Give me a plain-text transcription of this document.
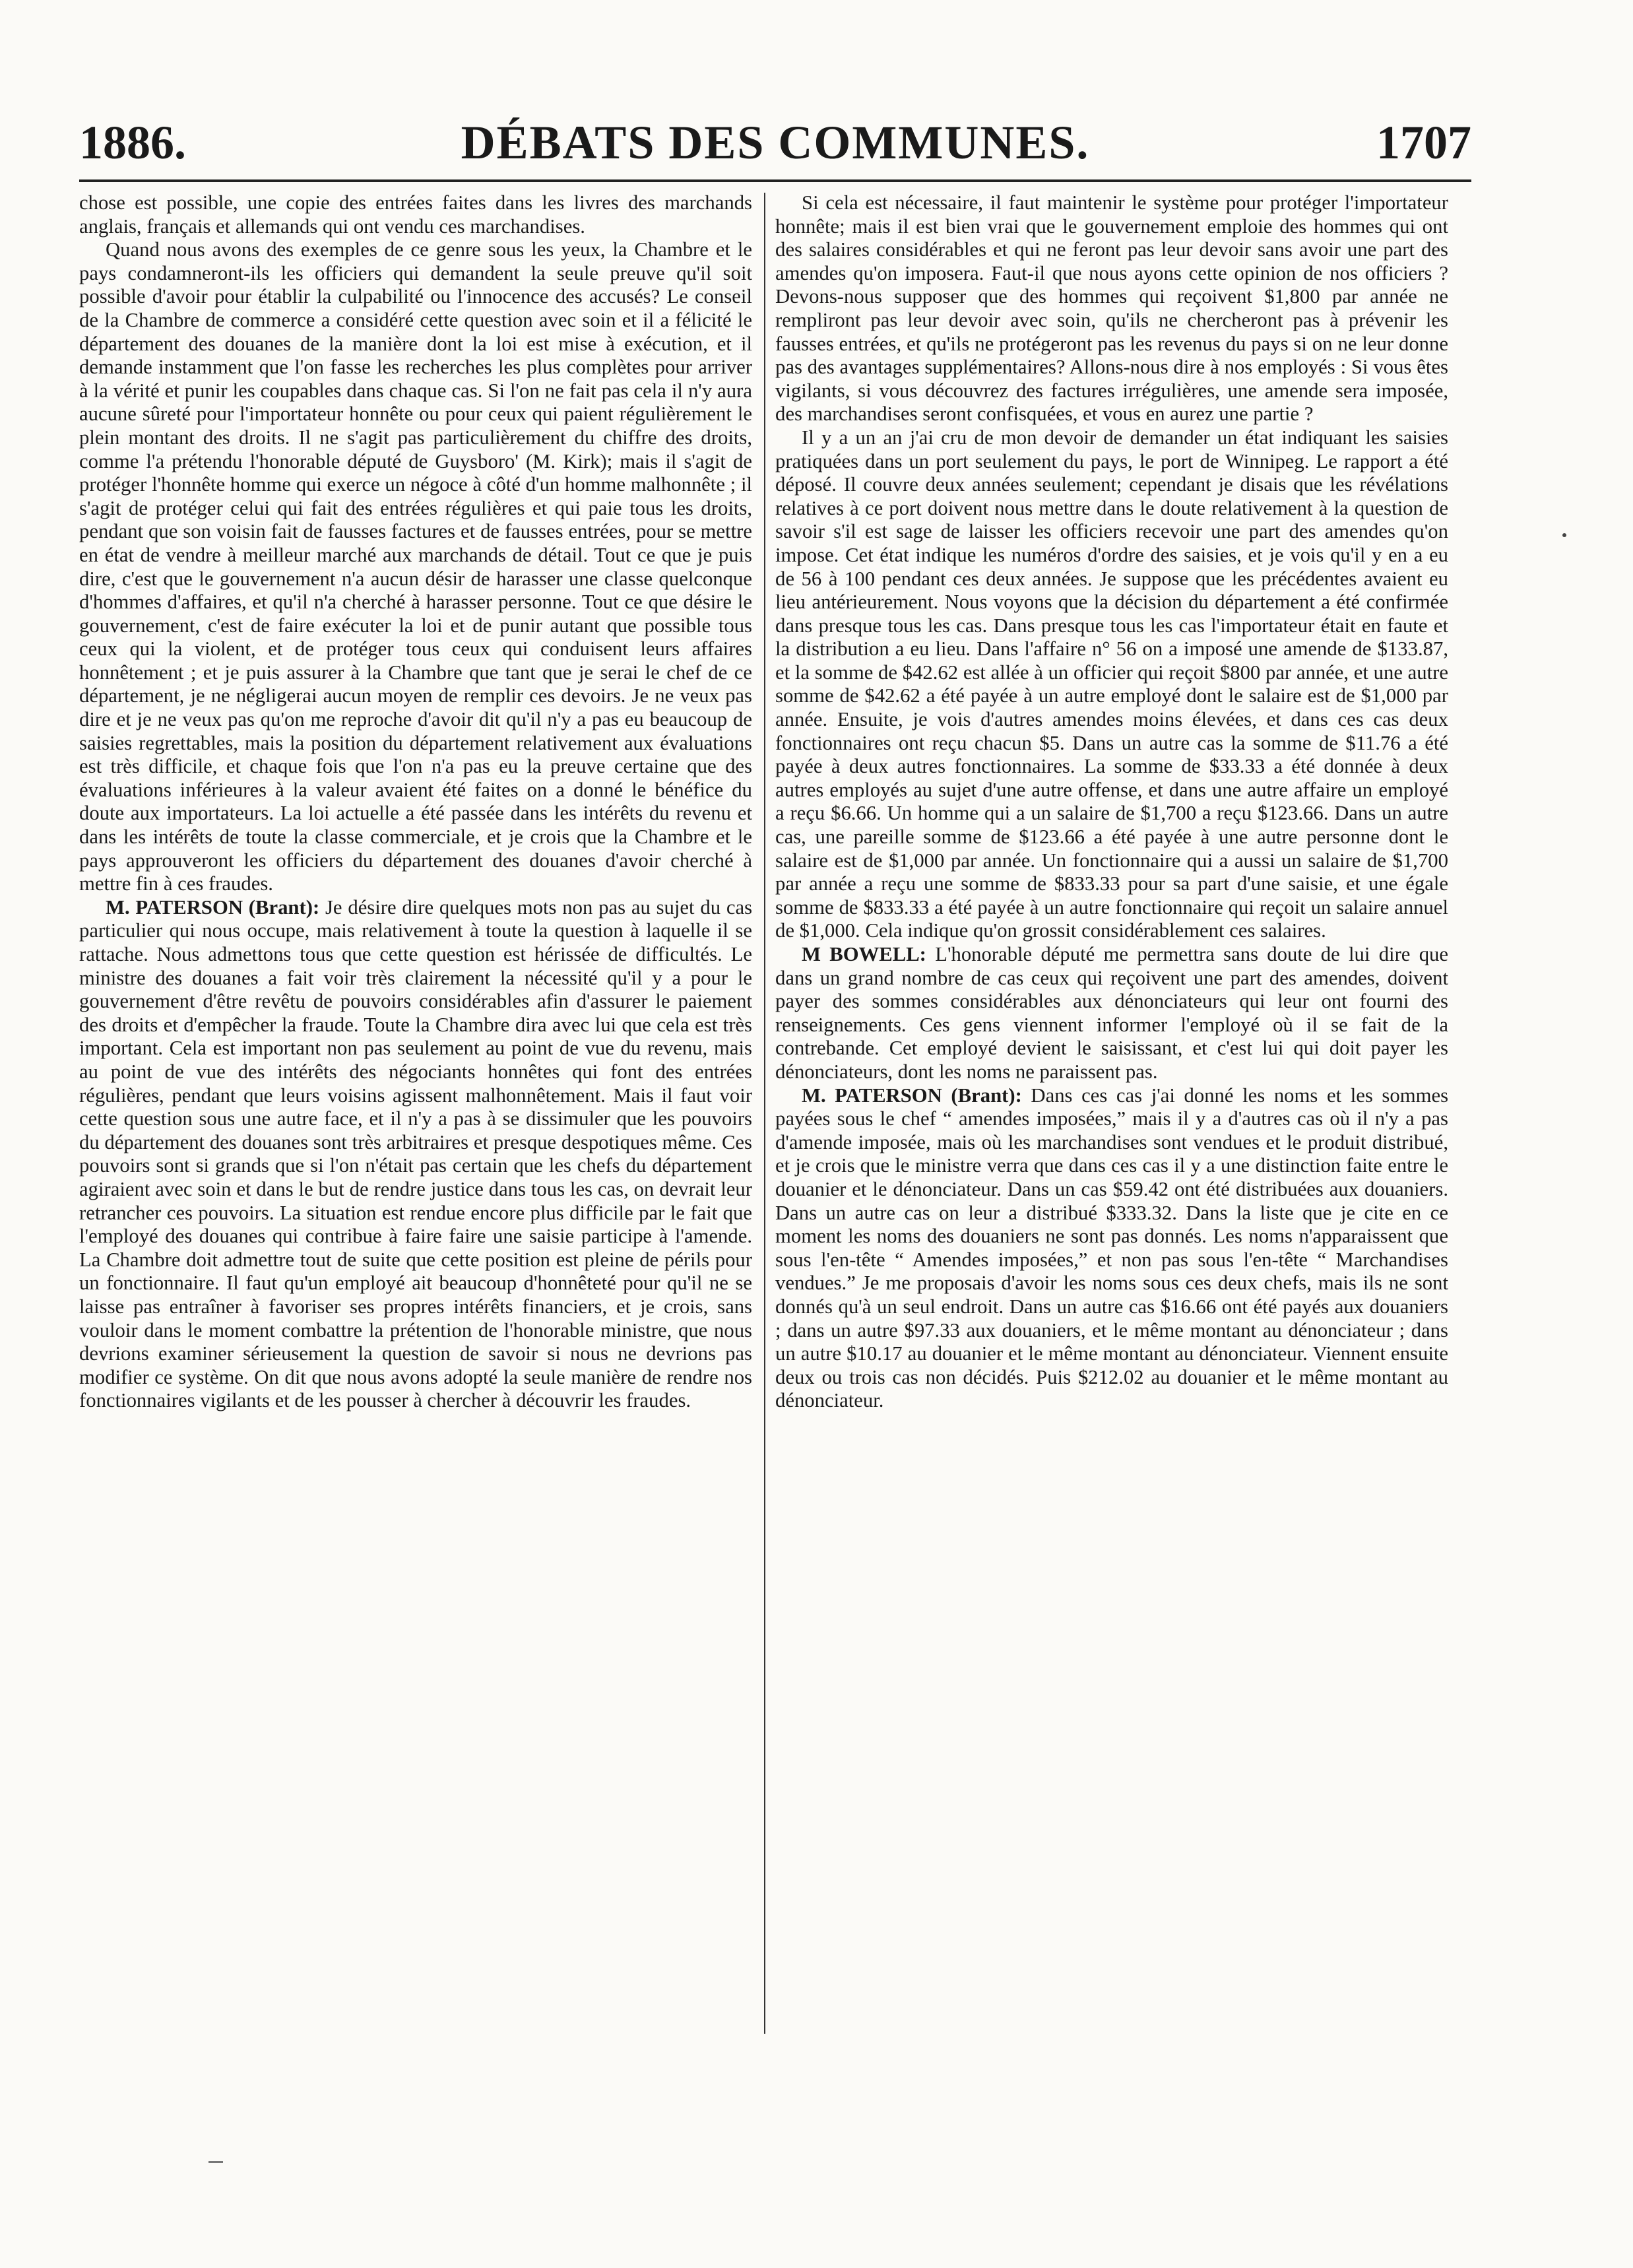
1886.	DÉBATS DES COMMUNES.	1707

chose est possible, une copie des entrées faites dans les livres des marchands anglais, français et allemands qui ont vendu ces marchandises.

Quand nous avons des exemples de ce genre sous les yeux, la Chambre et le pays condamneront-ils les officiers qui demandent la seule preuve qu'il soit possible d'avoir pour établir la culpabilité ou l'innocence des accusés? Le conseil de la Chambre de commerce a considéré cette question avec soin et il a félicité le département des douanes de la manière dont la loi est mise à exécution, et il demande instamment que l'on fasse les recherches les plus complètes pour arriver à la vérité et punir les coupables dans chaque cas. Si l'on ne fait pas cela il n'y aura aucune sûreté pour l'importateur honnête ou pour ceux qui paient régulièrement le plein montant des droits. Il ne s'agit pas particulièrement du chiffre des droits, comme l'a prétendu l'honorable député de Guysboro' (M. Kirk); mais il s'agit de protéger l'honnête homme qui exerce un négoce à côté d'un homme malhonnête ; il s'agit de protéger celui qui fait des entrées régulières et qui paie tous les droits, pendant que son voisin fait de fausses factures et de fausses entrées, pour se mettre en état de vendre à meilleur marché aux marchands de détail. Tout ce que je puis dire, c'est que le gouvernement n'a aucun désir de harasser une classe quelconque d'hommes d'affaires, et qu'il n'a cherché à harasser personne. Tout ce que désire le gouvernement, c'est de faire exécuter la loi et de punir autant que possible tous ceux qui la violent, et de protéger tous ceux qui conduisent leurs affaires honnêtement ; et je puis assurer à la Chambre que tant que je serai le chef de ce département, je ne négligerai aucun moyen de remplir ces devoirs. Je ne veux pas dire et je ne veux pas qu'on me reproche d'avoir dit qu'il n'y a pas eu beaucoup de saisies regrettables, mais la position du département relativement aux évaluations est très difficile, et chaque fois que l'on n'a pas eu la preuve certaine que des évaluations inférieures à la valeur avaient été faites on a donné le bénéfice du doute aux importateurs. La loi actuelle a été passée dans les intérêts du revenu et dans les intérêts de toute la classe commerciale, et je crois que la Chambre et le pays approuveront les officiers du département des douanes d'avoir cherché à mettre fin à ces fraudes.

M. PATERSON (Brant): Je désire dire quelques mots non pas au sujet du cas particulier qui nous occupe, mais relativement à toute la question à laquelle il se rattache. Nous admettons tous que cette question est hérissée de difficultés. Le ministre des douanes a fait voir très clairement la nécessité qu'il y a pour le gouvernement d'être revêtu de pouvoirs considérables afin d'assurer le paiement des droits et d'empêcher la fraude. Toute la Chambre dira avec lui que cela est très important. Cela est important non pas seulement au point de vue du revenu, mais au point de vue des intérêts des négociants honnêtes qui font des entrées régulières, pendant que leurs voisins agissent malhonnêtement. Mais il faut voir cette question sous une autre face, et il n'y a pas à se dissimuler que les pouvoirs du département des douanes sont très arbitraires et presque despotiques même. Ces pouvoirs sont si grands que si l'on n'était pas certain que les chefs du département agiraient avec soin et dans le but de rendre justice dans tous les cas, on devrait leur retrancher ces pouvoirs. La situation est rendue encore plus difficile par le fait que l'employé des douanes qui contribue à faire faire une saisie participe à l'amende. La Chambre doit admettre tout de suite que cette position est pleine de périls pour un fonctionnaire. Il faut qu'un employé ait beaucoup d'honnêteté pour qu'il ne se laisse pas entraîner à favoriser ses propres intérêts financiers, et je crois, sans vouloir dans le moment combattre la prétention de l'honorable ministre, que nous devrions examiner sérieusement la question de savoir si nous ne devrions pas modifier ce système. On dit que nous avons adopté la seule manière de rendre nos fonctionnaires vigilants et de les pousser à chercher à découvrir les fraudes.

Si cela est nécessaire, il faut maintenir le système pour protéger l'importateur honnête; mais il est bien vrai que le gouvernement emploie des hommes qui ont des salaires considérables et qui ne feront pas leur devoir sans avoir une part des amendes qu'on imposera. Faut-il que nous ayons cette opinion de nos officiers ? Devons-nous supposer que des hommes qui reçoivent $1,800 par année ne rempliront pas leur devoir avec soin, qu'ils ne chercheront pas à prévenir les fausses entrées, et qu'ils ne protégeront pas les revenus du pays si on ne leur donne pas des avantages supplémentaires? Allons-nous dire à nos employés : Si vous êtes vigilants, si vous découvrez des factures irrégulières, une amende sera imposée, des marchandises seront confisquées, et vous en aurez une partie ?

Il y a un an j'ai cru de mon devoir de demander un état indiquant les saisies pratiquées dans un port seulement du pays, le port de Winnipeg. Le rapport a été déposé. Il couvre deux années seulement; cependant je disais que les révélations relatives à ce port doivent nous mettre dans le doute relativement à la question de savoir s'il est sage de laisser les officiers recevoir une part des amendes qu'on impose. Cet état indique les numéros d'ordre des saisies, et je vois qu'il y en a eu de 56 à 100 pendant ces deux années. Je suppose que les précédentes avaient eu lieu antérieurement. Nous voyons que la décision du département a été confirmée dans presque tous les cas. Dans presque tous les cas l'importateur était en faute et la distribution a eu lieu. Dans l'affaire n° 56 on a imposé une amende de $133.87, et la somme de $42.62 est allée à un officier qui reçoit $800 par année, et une autre somme de $42.62 a été payée à un autre employé dont le salaire est de $1,000 par année. Ensuite, je vois d'autres amendes moins élevées, et dans ces cas deux fonctionnaires ont reçu chacun $5. Dans un autre cas la somme de $11.76 a été payée à deux autres fonctionnaires. La somme de $33.33 a été donnée à deux autres employés au sujet d'une autre offense, et dans une autre affaire un employé a reçu $6.66. Un homme qui a un salaire de $1,700 a reçu $123.66. Dans un autre cas, une pareille somme de $123.66 a été payée à une autre personne dont le salaire est de $1,000 par année. Un fonctionnaire qui a aussi un salaire de $1,700 par année a reçu une somme de $833.33 pour sa part d'une saisie, et une égale somme de $833.33 a été payée à un autre fonctionnaire qui reçoit un salaire annuel de $1,000. Cela indique qu'on grossit considérablement ces salaires.

M BOWELL: L'honorable député me permettra sans doute de lui dire que dans un grand nombre de cas ceux qui reçoivent une part des amendes, doivent payer des sommes considérables aux dénonciateurs qui leur ont fourni des renseignements. Ces gens viennent informer l'employé où il se fait de la contrebande. Cet employé devient le saisissant, et c'est lui qui doit payer les dénonciateurs, dont les noms ne paraissent pas.

M. PATERSON (Brant): Dans ces cas j'ai donné les noms et les sommes payées sous le chef “ amendes imposées,” mais il y a d'autres cas où il n'y a pas d'amende imposée, mais où les marchandises sont vendues et le produit distribué, et je crois que le ministre verra que dans ces cas il y a une distinction faite entre le douanier et le dénonciateur. Dans un cas $59.42 ont été distribuées aux douaniers. Dans un autre cas on leur a distribué $333.32. Dans la liste que je cite en ce moment les noms des douaniers ne sont pas donnés. Les noms n'apparaissent que sous l'en-tête “ Amendes imposées,” et non pas sous l'en-tête “ Marchandises vendues.” Je me proposais d'avoir les noms sous ces deux chefs, mais ils ne sont donnés qu'à un seul endroit. Dans un autre cas $16.66 ont été payés aux douaniers ; dans un autre $97.33 aux douaniers, et le même montant au dénonciateur ; dans un autre $10.17 au douanier et le même montant au dénonciateur. Viennent ensuite deux ou trois cas non décidés. Puis $212.02 au douanier et le même montant au dénonciateur.
